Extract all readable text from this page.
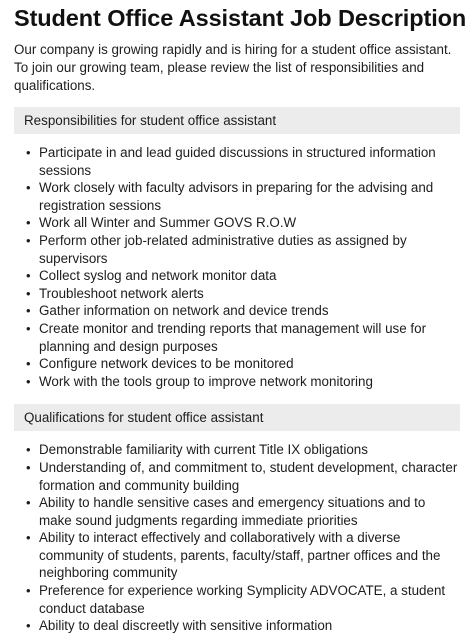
Student Office Assistant Job Description

Our company is growing rapidly and is hiring for a student office assistant. To join our growing team, please review the list of responsibilities and qualifications.

Responsibilities for student office assistant
• Participate in and lead guided discussions in structured information sessions
• Work closely with faculty advisors in preparing for the advising and registration sessions
• Work all Winter and Summer GOVS R.O.W
• Perform other job-related administrative duties as assigned by supervisors
• Collect syslog and network monitor data
• Troubleshoot network alerts
• Gather information on network and device trends
• Create monitor and trending reports that management will use for planning and design purposes
• Configure network devices to be monitored
• Work with the tools group to improve network monitoring
Qualifications for student office assistant
• Demonstrable familiarity with current Title IX obligations
• Understanding of, and commitment to, student development, character formation and community building
• Ability to handle sensitive cases and emergency situations and to make sound judgments regarding immediate priorities
• Ability to interact effectively and collaboratively with a diverse community of students, parents, faculty/staff, partner offices and the neighboring community
• Preference for experience working Symplicity ADVOCATE, a student conduct database
• Ability to deal discreetly with sensitive information
